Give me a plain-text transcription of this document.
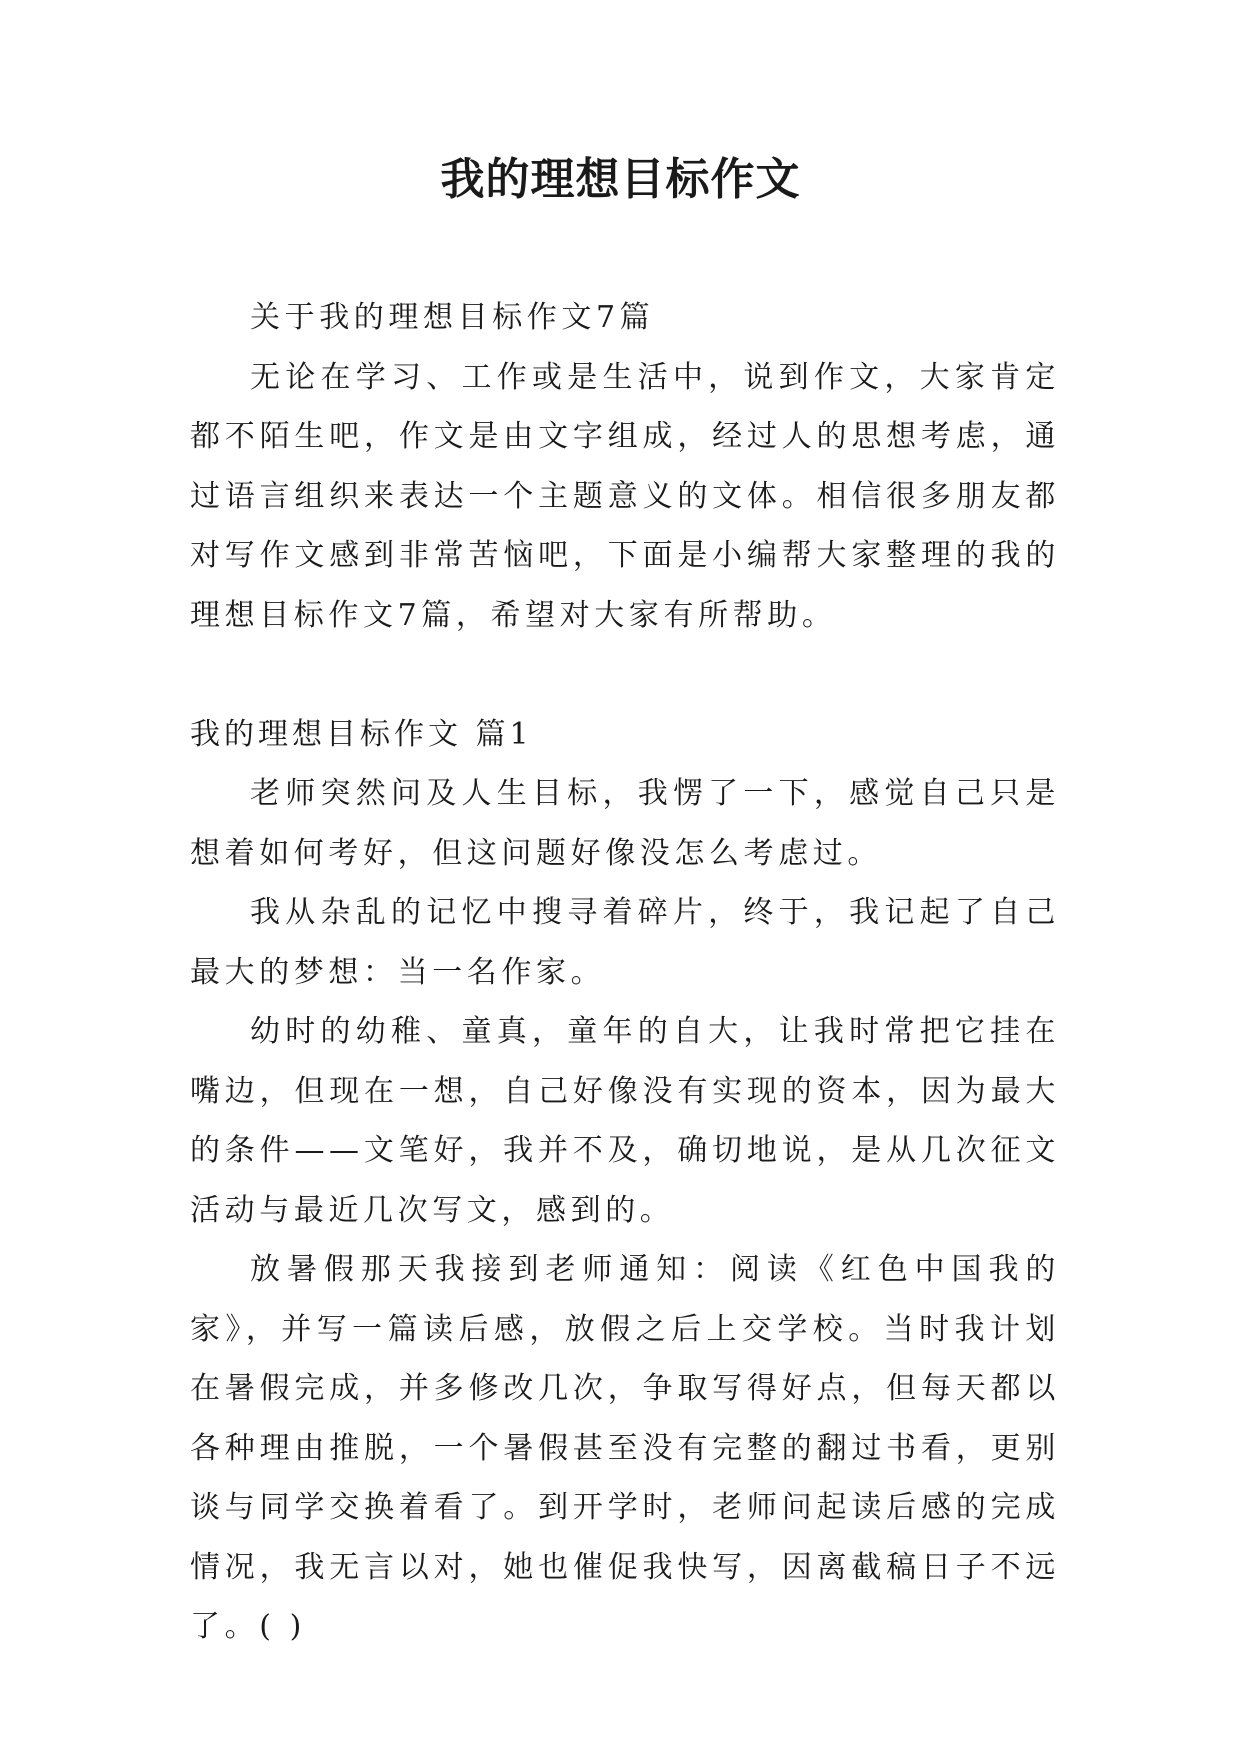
我的理想目标作文

关于我的理想目标作文7篇

无论在学习、工作或是生活中，说到作文，大家肯定都不陌生吧，作文是由文字组成，经过人的思想考虑，通过语言组织来表达一个主题意义的文体。相信很多朋友都对写作文感到非常苦恼吧，下面是小编帮大家整理的我的理想目标作文7篇，希望对大家有所帮助。

我的理想目标作文 篇1

老师突然问及人生目标，我愣了一下，感觉自己只是想着如何考好，但这问题好像没怎么考虑过。

我从杂乱的记忆中搜寻着碎片，终于，我记起了自己最大的梦想：当一名作家。

幼时的幼稚、童真，童年的自大，让我时常把它挂在嘴边，但现在一想，自己好像没有实现的资本，因为最大的条件——文笔好，我并不及，确切地说，是从几次征文活动与最近几次写文，感到的。

放暑假那天我接到老师通知：阅读《红色中国我的家》，并写一篇读后感，放假之后上交学校。当时我计划在暑假完成，并多修改几次，争取写得好点，但每天都以各种理由推脱，一个暑假甚至没有完整的翻过书看，更别谈与同学交换着看了。到开学时，老师问起读后感的完成情况，我无言以对，她也催促我快写，因离截稿日子不远了。( )
